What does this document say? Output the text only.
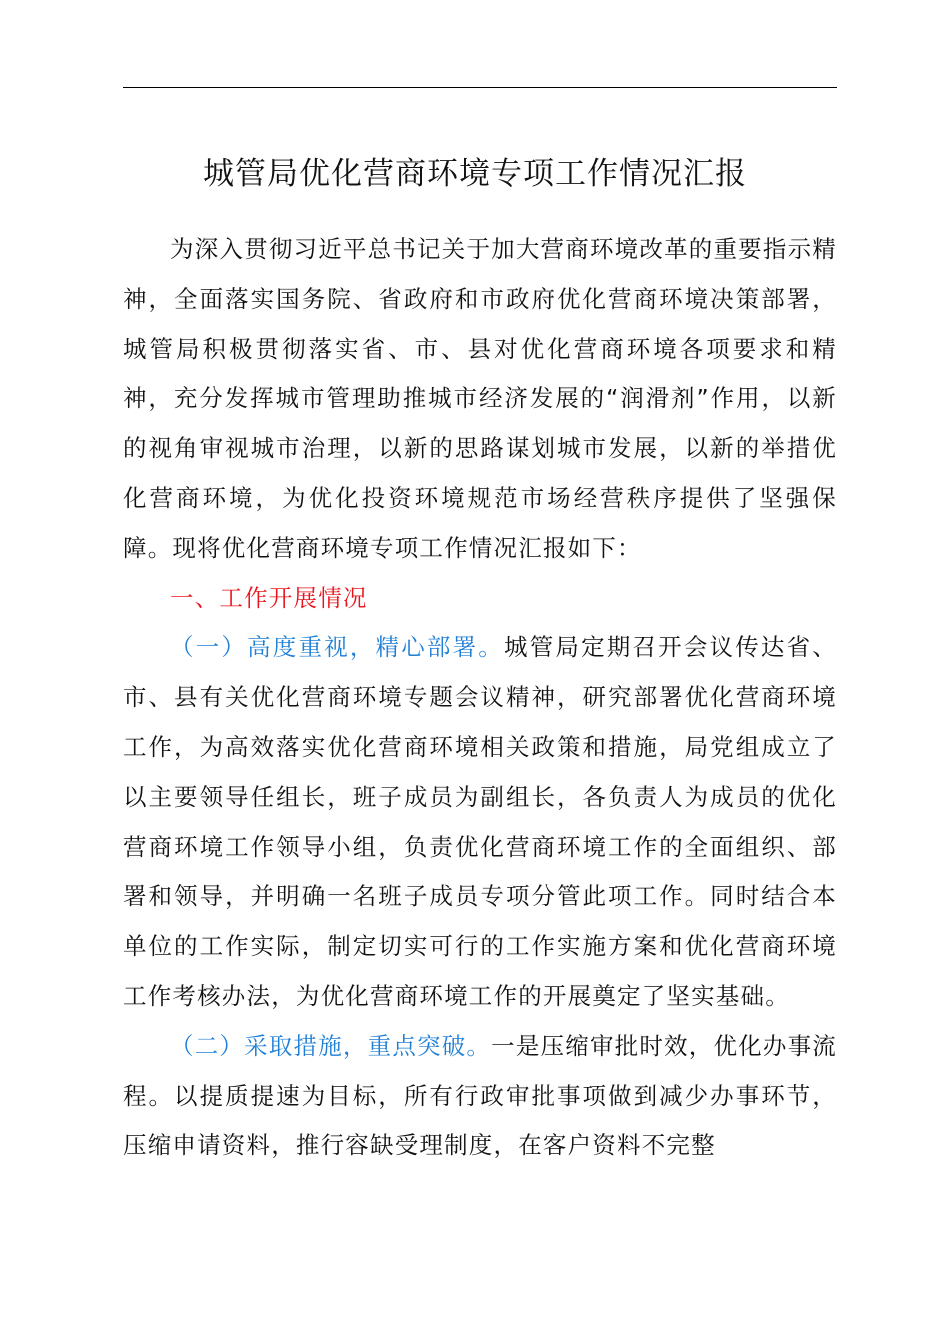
城管局优化营商环境专项工作情况汇报

为深入贯彻习近平总书记关于加大营商环境改革的重要指示精神，全面落实国务院、省政府和市政府优化营商环境决策部署，城管局积极贯彻落实省、市、县对优化营商环境各项要求和精神，充分发挥城市管理助推城市经济发展的“润滑剂”作用，以新的视角审视城市治理，以新的思路谋划城市发展，以新的举措优化营商环境，为优化投资环境规范市场经营秩序提供了坚强保障。现将优化营商环境专项工作情况汇报如下：

一、工作开展情况

（一）高度重视，精心部署。城管局定期召开会议传达省、市、县有关优化营商环境专题会议精神，研究部署优化营商环境工作，为高效落实优化营商环境相关政策和措施，局党组成立了以主要领导任组长，班子成员为副组长，各负责人为成员的优化营商环境工作领导小组，负责优化营商环境工作的全面组织、部署和领导，并明确一名班子成员专项分管此项工作。同时结合本单位的工作实际，制定切实可行的工作实施方案和优化营商环境工作考核办法，为优化营商环境工作的开展奠定了坚实基础。

（二）采取措施，重点突破。一是压缩审批时效，优化办事流程。以提质提速为目标，所有行政审批事项做到减少办事环节，压缩申请资料，推行容缺受理制度，在客户资料不完整
